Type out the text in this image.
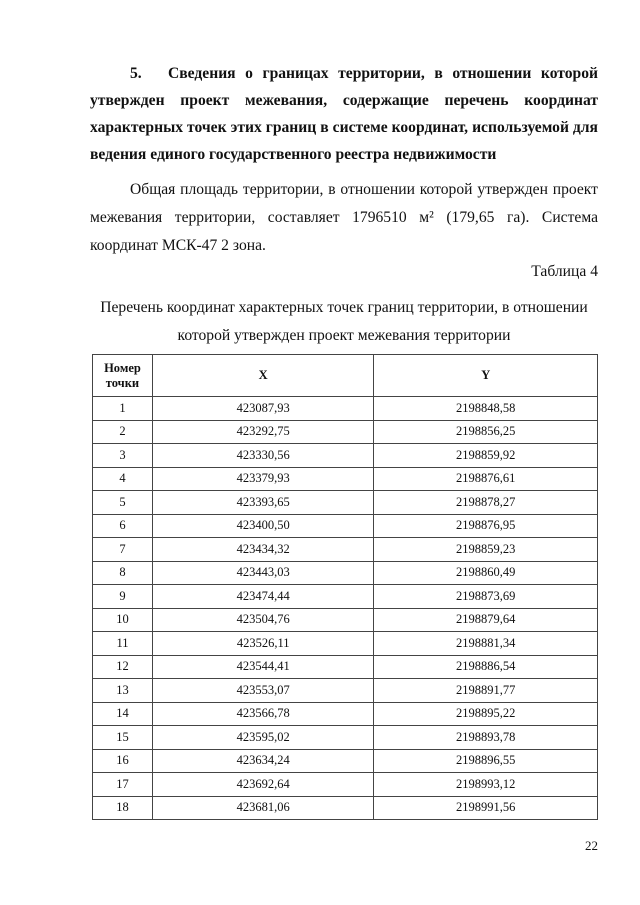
5. Сведения о границах территории, в отношении которой утвержден проект межевания, содержащие перечень координат характерных точек этих границ в системе координат, используемой для ведения единого государственного реестра недвижимости
Общая площадь территории, в отношении которой утвержден проект межевания территории, составляет 1796510 м² (179,65 га). Система координат МСК-47 2 зона.
Таблица 4
Перечень координат характерных точек границ территории, в отношении
которой утвержден проект межевания территории
Номер
точки	X	Y
1	423087,93	2198848,58
2	423292,75	2198856,25
3	423330,56	2198859,92
4	423379,93	2198876,61
5	423393,65	2198878,27
6	423400,50	2198876,95
7	423434,32	2198859,23
8	423443,03	2198860,49
9	423474,44	2198873,69
10	423504,76	2198879,64
11	423526,11	2198881,34
12	423544,41	2198886,54
13	423553,07	2198891,77
14	423566,78	2198895,22
15	423595,02	2198893,78
16	423634,24	2198896,55
17	423692,64	2198993,12
18	423681,06	2198991,56
22
